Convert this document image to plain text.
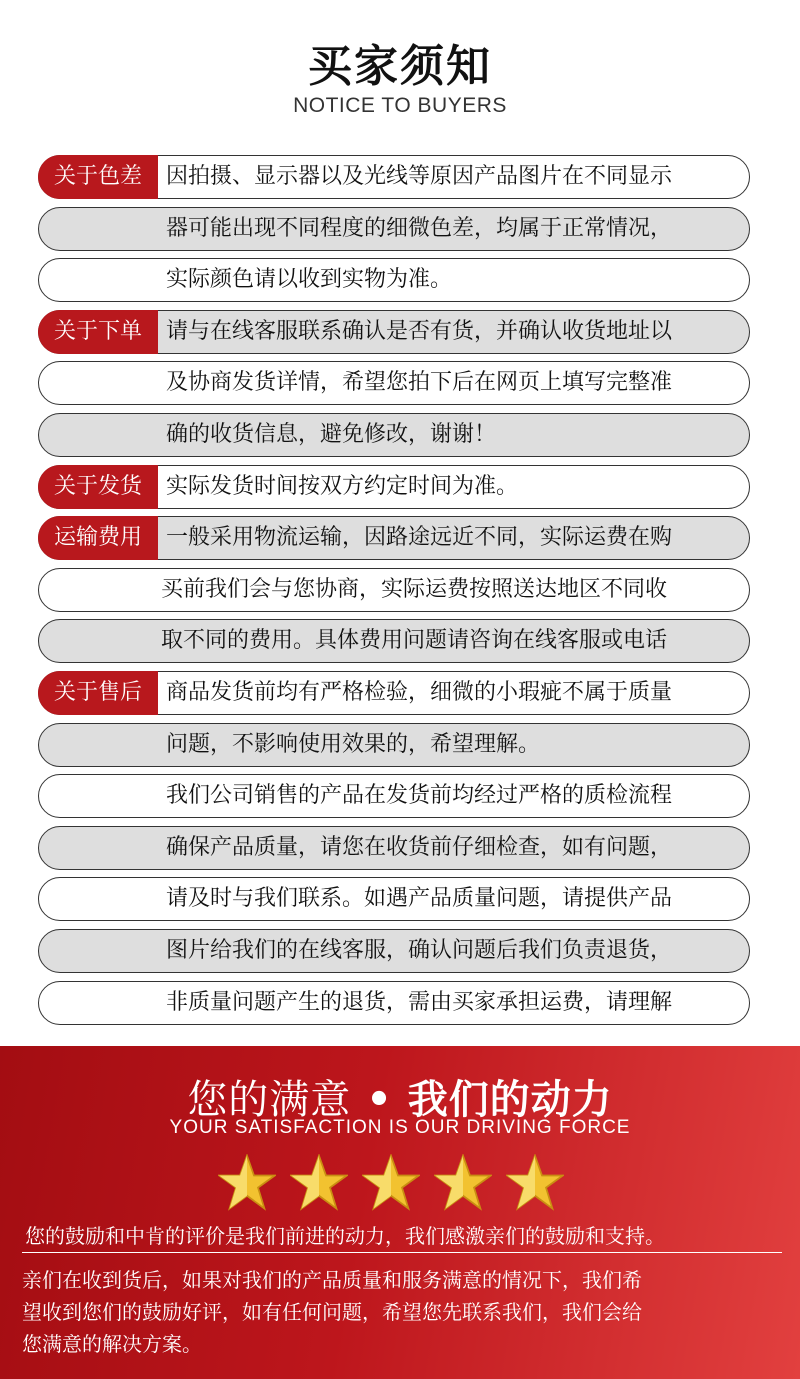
买家须知
NOTICE TO BUYERS
关于色差	因拍摄、显示器以及光线等原因产品图片在不同显示
器可能出现不同程度的细微色差，均属于正常情况，
实际颜色请以收到实物为准。
关于下单	请与在线客服联系确认是否有货，并确认收货地址以
及协商发货详情，希望您拍下后在网页上填写完整准
确的收货信息，避免修改，谢谢！
关于发货	实际发货时间按双方约定时间为准。
运输费用	一般采用物流运输，因路途远近不同，实际运费在购
买前我们会与您协商，实际运费按照送达地区不同收
取不同的费用。具体费用问题请咨询在线客服或电话
关于售后	商品发货前均有严格检验，细微的小瑕疵不属于质量
问题，不影响使用效果的，希望理解。
我们公司销售的产品在发货前均经过严格的质检流程
确保产品质量，请您在收货前仔细检查，如有问题，
请及时与我们联系。如遇产品质量问题，请提供产品
图片给我们的在线客服，确认问题后我们负责退货，
非质量问题产生的退货，需由买家承担运费，请理解
您的满意 • 我们的动力
YOUR SATISFACTION IS OUR DRIVING FORCE
您的鼓励和中肯的评价是我们前进的动力，我们感激亲们的鼓励和支持。
亲们在收到货后，如果对我们的产品质量和服务满意的情况下，我们希
望收到您们的鼓励好评，如有任何问题，希望您先联系我们，我们会给
您满意的解决方案。
